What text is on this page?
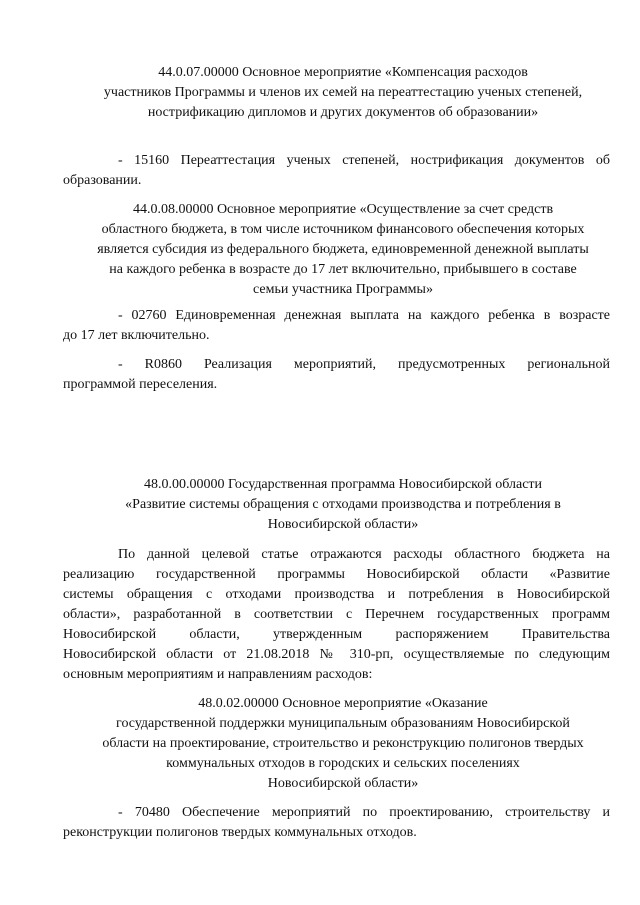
44.0.07.00000 Основное мероприятие «Компенсация расходов
участников Программы и членов их семей на переаттестацию ученых степеней,
нострификацию дипломов и других документов об образовании»
- 15160 Переаттестация ученых степеней, нострификация документов об
образовании.
44.0.08.00000 Основное мероприятие «Осуществление за счет средств
областного бюджета, в том числе источником финансового обеспечения которых
является субсидия из федерального бюджета, единовременной денежной выплаты
на каждого ребенка в возрасте до 17 лет включительно, прибывшего в составе
семьи участника Программы»
- 02760 Единовременная денежная выплата на каждого ребенка в возрасте
до 17 лет включительно.
- R0860 Реализация мероприятий, предусмотренных региональной
программой переселения.
48.0.00.00000 Государственная программа Новосибирской области
«Развитие системы обращения с отходами производства и потребления в
Новосибирской области»
По данной целевой статье отражаются расходы областного бюджета на
реализацию государственной программы Новосибирской области «Развитие
системы обращения с отходами производства и потребления в Новосибирской
области», разработанной в соответствии с Перечнем государственных программ
Новосибирской области, утвержденным распоряжением Правительства
Новосибирской области от 21.08.2018 № 310-рп, осуществляемые по следующим
основным мероприятиям и направлениям расходов:
48.0.02.00000 Основное мероприятие «Оказание
государственной поддержки муниципальным образованиям Новосибирской
области на проектирование, строительство и реконструкцию полигонов твердых
коммунальных отходов в городских и сельских поселениях
Новосибирской области»
- 70480 Обеспечение мероприятий по проектированию, строительству и
реконструкции полигонов твердых коммунальных отходов.
